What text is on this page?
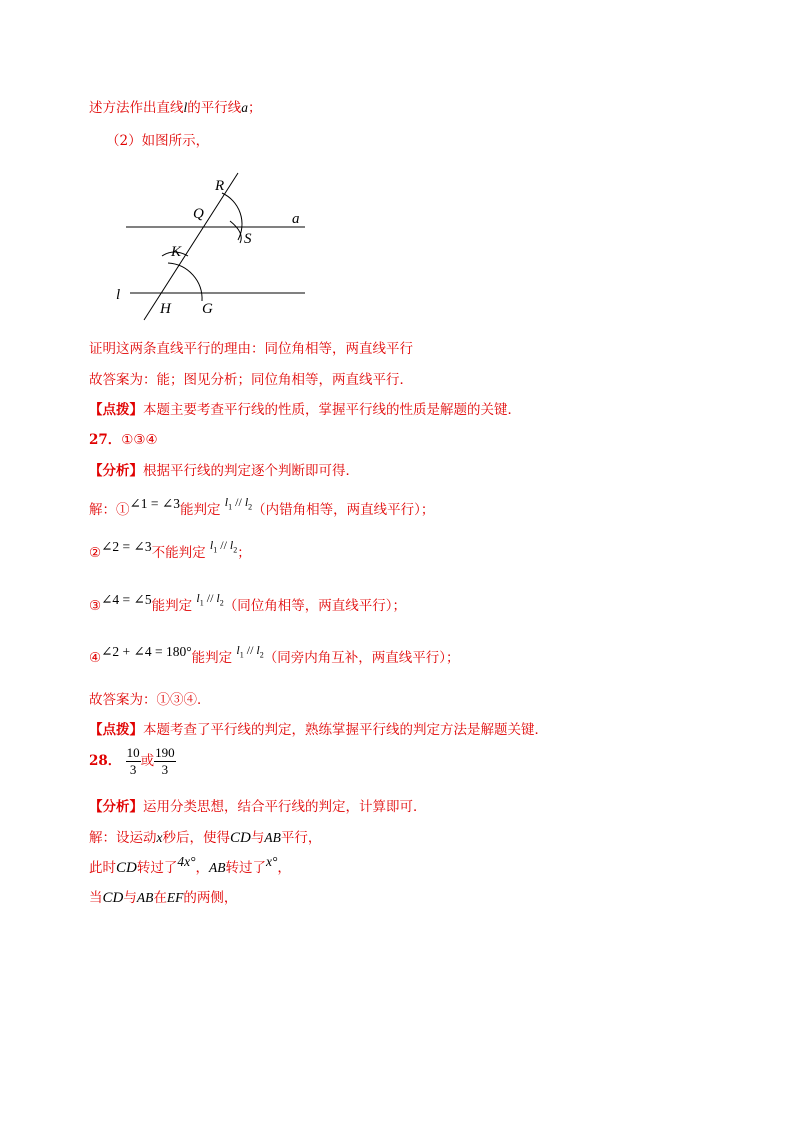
述方法作出直线l的平行线a；
（2）如图所示，
R
Q	a
S
K
l
H G
证明这两条直线平行的理由：同位角相等，两直线平行
故答案为：能；图见分析；同位角相等，两直线平行．
【点拨】本题主要考查平行线的性质，掌握平行线的性质是解题的关键．
27．①③④
【分析】根据平行线的判定逐个判断即可得．
解：①∠1 = ∠3能判定 $l_1 // l_2$（内错角相等，两直线平行）；
②∠2 = ∠3不能判定 $l_1 // l_2$；
③∠4 = ∠5能判定 $l_1 // l_2$（同位角相等，两直线平行）；
④∠2 + ∠4 = 180°能判定 $l_1 // l_2$（同旁内角互补，两直线平行）；
故答案为：①③④．
【点拨】本题考查了平行线的判定，熟练掌握平行线的判定方法是解题关键．
28． $\frac{10}{3}$ 或 $\frac{190}{3}$
【分析】运用分类思想，结合平行线的判定，计算即可．
解：设运动x秒后，使得CD与AB平行，
此时CD转过了4x°，AB转过了x°，
当CD与AB在EF的两侧，
